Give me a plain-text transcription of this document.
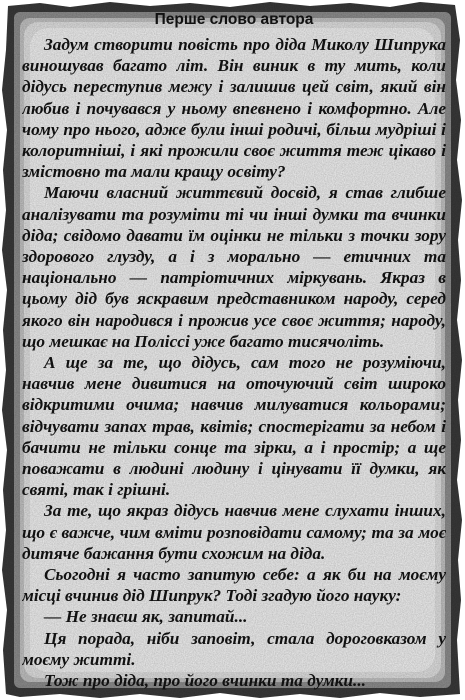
Перше слово автора

Задум створити повість про діда Миколу Шипрука виношував багато літ. Він виник в ту мить, коли дідусь переступив межу і залишив цей світ, який він любив і почувався у ньому впевнено і комфортно. Але чому про нього, адже були інші родичі, більш мудріші і колоритніші, і які прожили своє життя теж цікаво і змістовно та мали кращу освіту?

Маючи власний життєвий досвід, я став глибше аналізувати та розуміти ті чи інші думки та вчинки діда; свідомо давати їм оцінки не тільки з точки зору здорового глузду, а і з морально — етичних та національно — патріотичних міркувань. Якраз в цьому дід був яскравим представником народу, серед якого він народився і прожив усе своє життя; народу, що мешкає на Поліссі уже багато тисячоліть.

А ще за те, що дідусь, сам того не розуміючи, навчив мене дивитися на оточуючий світ широко відкритими очима; навчив милуватися кольорами; відчувати запах трав, квітів; спостерігати за небом і бачити не тільки сонце та зірки, а і простір; а ще поважати в людині людину і цінувати її думки, як святі, так і грішні.

За те, що якраз дідусь навчив мене слухати інших, що є важче, чим вміти розповідати самому; та за моє дитяче бажання бути схожим на діда.

Сьогодні я часто запитую себе: а як би на моєму місці вчинив дід Шипрук? Тоді згадую його науку:

— Не знаєш як, запитай...

Ця порада, ніби заповіт, стала дороговказом у моєму житті.

Тож про діда, про його вчинки та думки...
